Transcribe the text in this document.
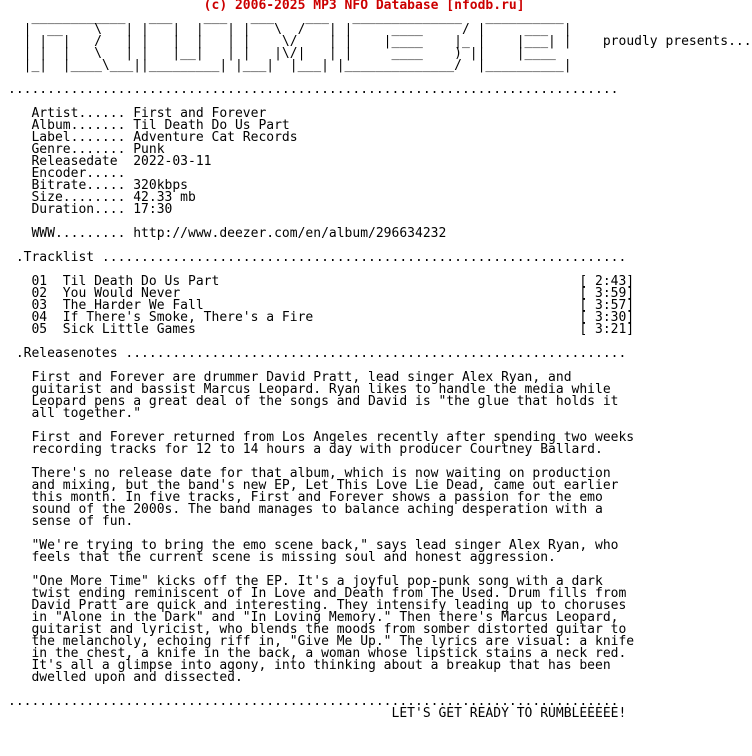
(c) 2006-2025 MP3 NFO Database [nfodb.ru]
____________   ___    ___   ___    ___   ______________   __________
|  __    \   | |   |  |   | |   \  /   | |     ____     / |     ___  |
| |  |   /   | |   |  |   | |    \/    | |    |____    |_ |    |___| | proudly presents...
| |  |   \   | |   |__|   | |   |\/|   | |     ____    ) ||    |____
|_|  |____\___||_________| |___|  |___| |______________/  |__________|

..............................................................................

Artist...... First and Forever
Album....... Til Death Do Us Part
Label....... Adventure Cat Records
Genre....... Punk
Releasedate  2022-03-11
Encoder.....
Bitrate..... 320kbps
Size........ 42.33 mb
Duration.... 17:30

WWW......... http://www.deezer.com/en/album/296634232

.Tracklist ...................................................................

01  Til Death Do Us Part                                              [ 2:43]
02  You Would Never                                                   [ 3:59]
03  The Harder We Fall                                                [ 3:57]
04  If There's Smoke, There's a Fire                                  [ 3:30]
05  Sick Little Games                                                 [ 3:21]

.Releasenotes ................................................................

First and Forever are drummer David Pratt, lead singer Alex Ryan, and
guitarist and bassist Marcus Leopard. Ryan likes to handle the media while
Leopard pens a great deal of the songs and David is "the glue that holds it
all together."

First and Forever returned from Los Angeles recently after spending two weeks
recording tracks for 12 to 14 hours a day with producer Courtney Ballard.

There's no release date for that album, which is now waiting on production
and mixing, but the band's new EP, Let This Love Lie Dead, came out earlier
this month. In five tracks, First and Forever shows a passion for the emo
sound of the 2000s. The band manages to balance aching desperation with a
sense of fun.

"We're trying to bring the emo scene back," says lead singer Alex Ryan, who
feels that the current scene is missing soul and honest aggression.

"One More Time" kicks off the EP. It's a joyful pop-punk song with a dark
twist ending reminiscent of In Love and Death from The Used. Drum fills from
David Pratt are quick and interesting. They intensify leading up to choruses
in "Alone in the Dark" and "In Loving Memory." Then there's Marcus Leopard,
guitarist and lyricist, who blends the moods from somber distorted guitar to
the melancholy, echoing riff in, "Give Me Up." The lyrics are visual: a knife
in the chest, a knife in the back, a woman whose lipstick stains a neck red.
It's all a glimpse into agony, into thinking about a breakup that has been
dwelled upon and dissected.

..............................................................................
LET'S GET READY TO RUMBLEEEEE!
